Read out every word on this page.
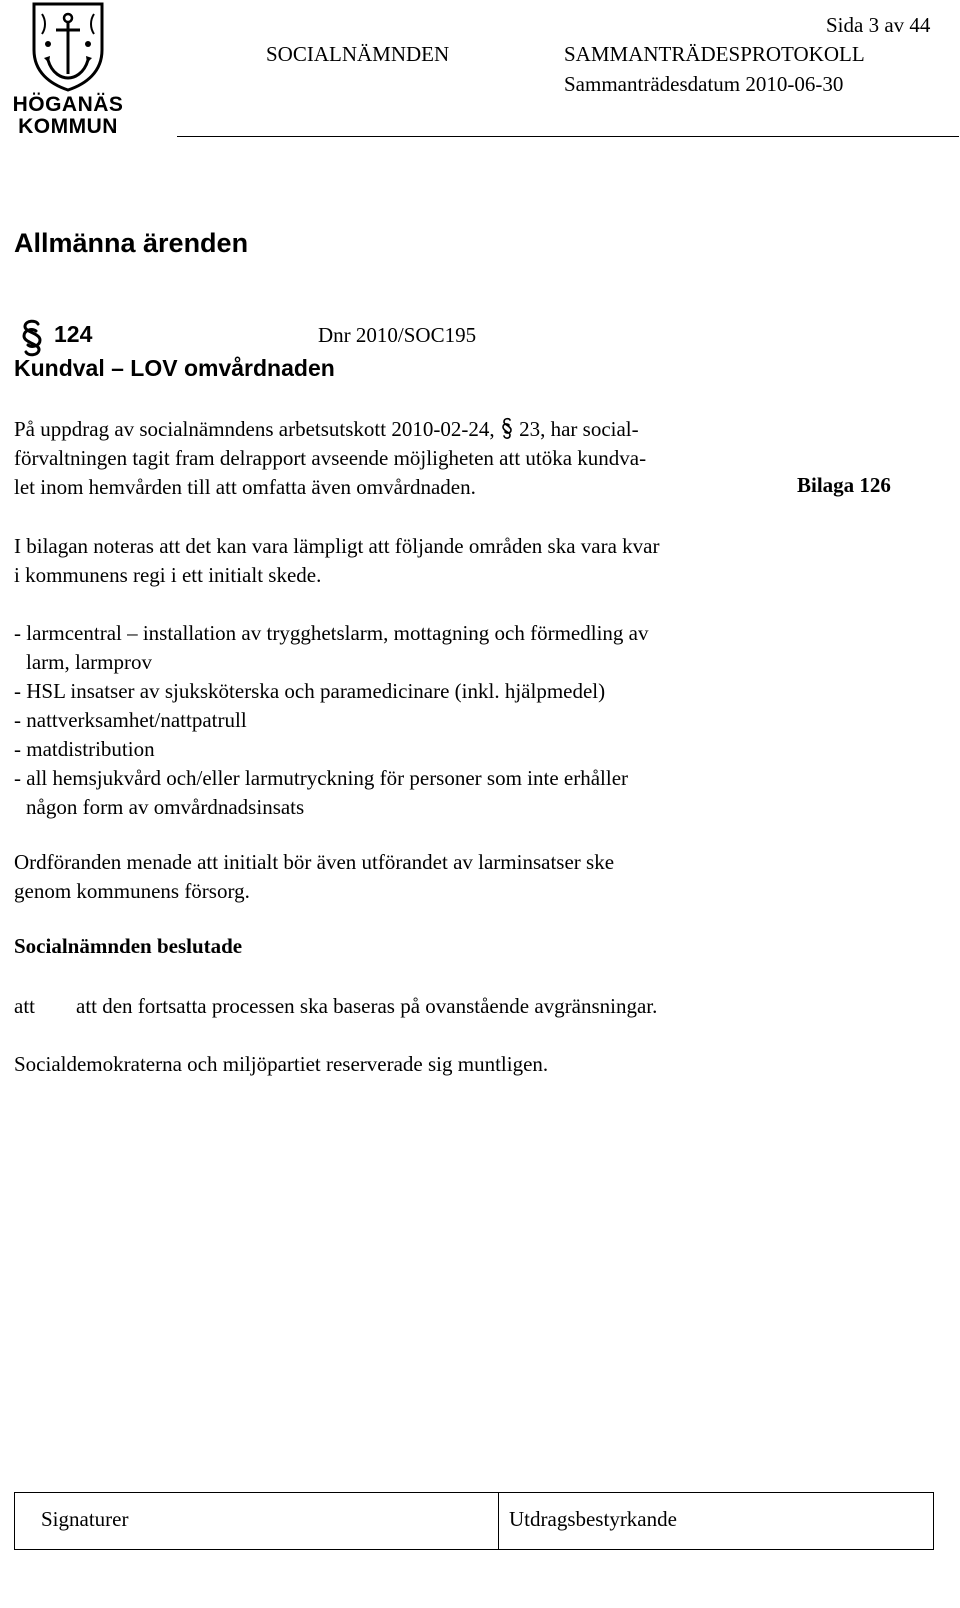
HÖGANÄS
KOMMUN
Sida 3 av 44
SOCIALNÄMNDEN	SAMMANTRÄDESPROTOKOLL
Sammanträdesdatum 2010-06-30
Allmänna ärenden
124	Dnr 2010/SOC195
Kundval – LOV omvårdnaden
På uppdrag av socialnämndens arbetsutskott 2010-02-24,  23, har social-
förvaltningen tagit fram delrapport avseende möjligheten att utöka kundva-
let inom hemvården till att omfatta även omvårdnaden.	Bilaga 126
I bilagan noteras att det kan vara lämpligt att följande områden ska vara kvar
i kommunens regi i ett initialt skede.
- larmcentral – installation av trygghetslarm, mottagning och förmedling av
larm, larmprov
- HSL insatser av sjuksköterska och paramedicinare (inkl. hjälpmedel)
- nattverksamhet/nattpatrull
- matdistribution
- all hemsjukvård och/eller larmutryckning för personer som inte erhåller
någon form av omvårdnadsinsats
Ordföranden menade att initialt bör även utförandet av larminsatser ske
genom kommunens försorg.
Socialnämnden beslutade
att att den fortsatta processen ska baseras på ovanstående avgränsningar.
Socialdemokraterna och miljöpartiet reserverade sig muntligen.
Signaturer	Utdragsbestyrkande
